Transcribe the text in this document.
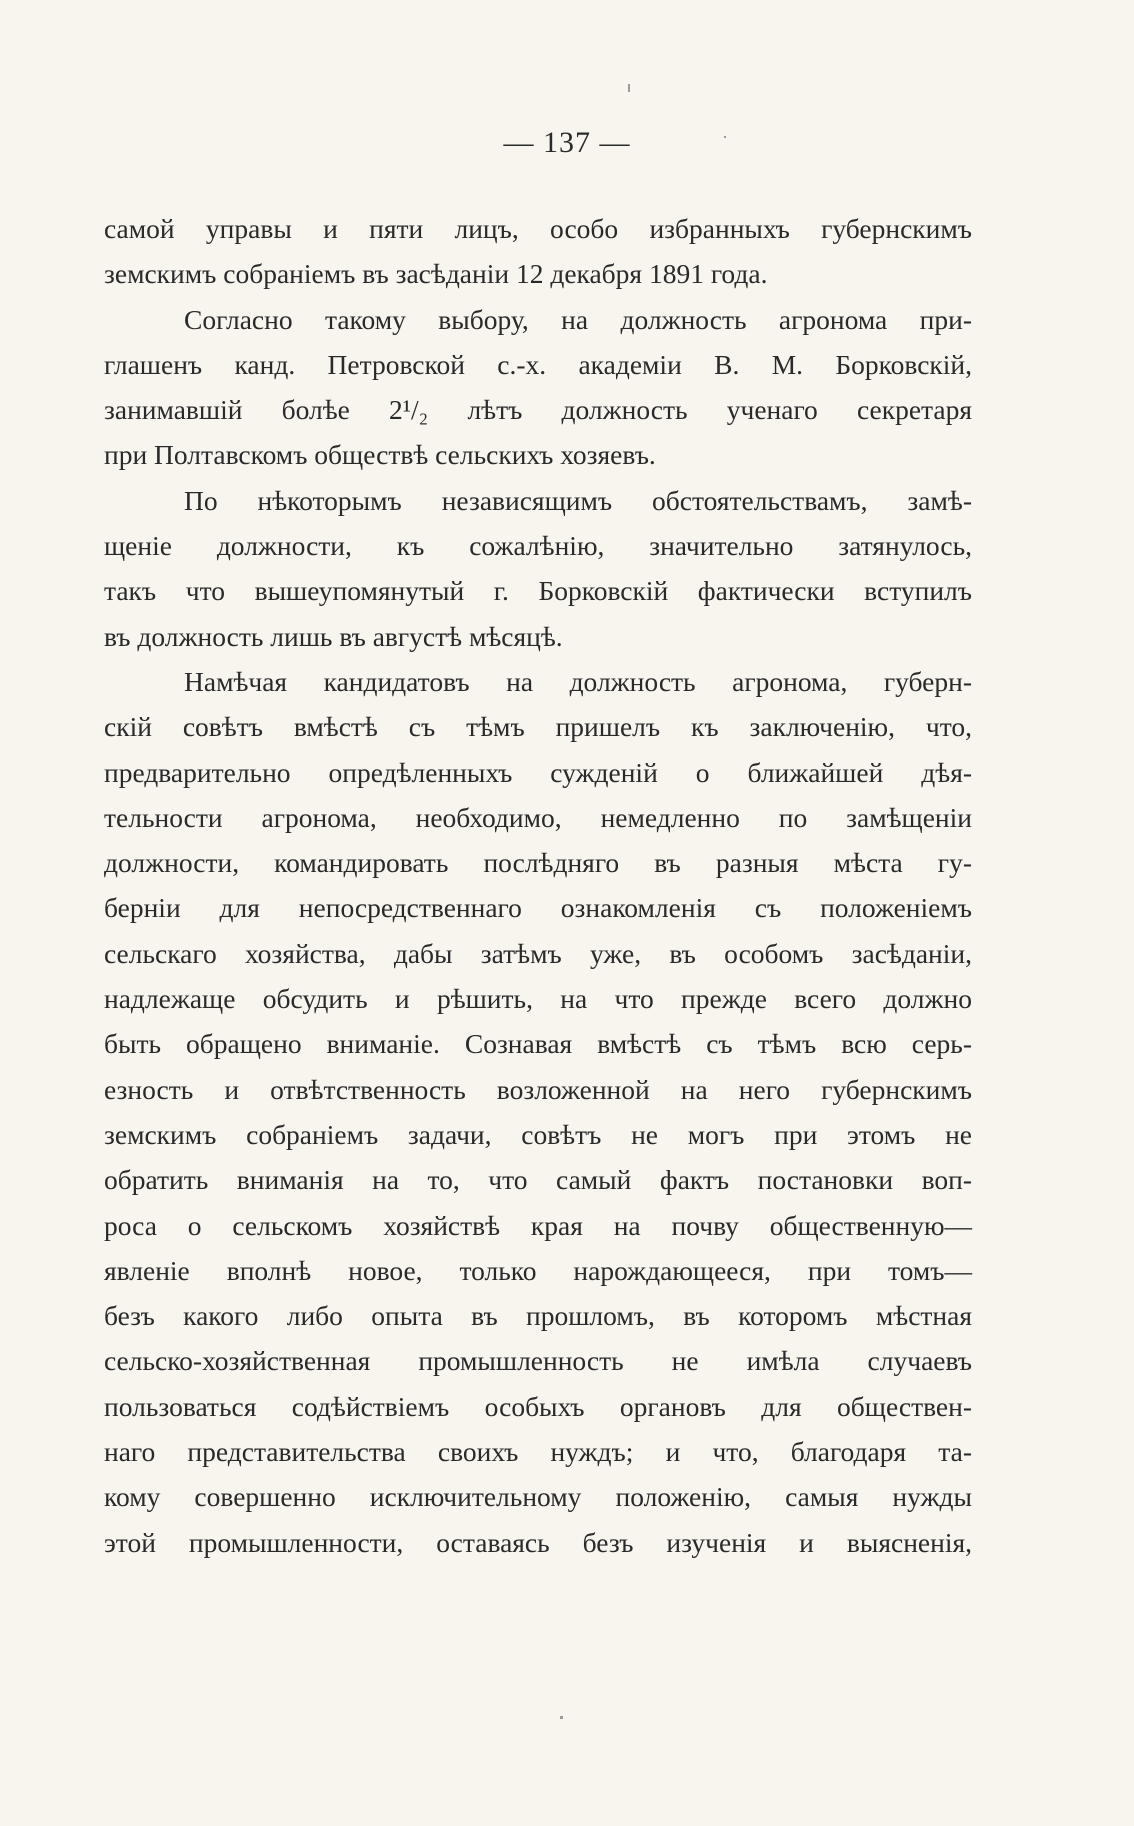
— 137 —
самой управы и пяти лицъ, особо избранныхъ губернскимъ
земскимъ собраніемъ въ засѣданіи 12 декабря 1891 года.
Согласно такому выбору, на должность агронома при-
глашенъ канд. Петровской с.-х. академіи В. М. Борковскій,
занимавшій болѣе 2¹/₂ лѣтъ должность ученаго секретаря
при Полтавскомъ обществѣ сельскихъ хозяевъ.
По нѣкоторымъ независящимъ обстоятельствамъ, замѣ-
щеніе должности, къ сожалѣнію, значительно затянулось,
такъ что вышеупомянутый г. Борковскій фактически вступилъ
въ должность лишь въ августѣ мѣсяцѣ.
Намѣчая кандидатовъ на должность агронома, губерн-
скій совѣтъ вмѣстѣ съ тѣмъ пришелъ къ заключенію, что,
предварительно опредѣленныхъ сужденій о ближайшей дѣя-
тельности агронома, необходимо, немедленно по замѣщеніи
должности, командировать послѣдняго въ разныя мѣста гу-
берніи для непосредственнаго ознакомленія съ положеніемъ
сельскаго хозяйства, дабы затѣмъ уже, въ особомъ засѣданіи,
надлежаще обсудить и рѣшить, на что прежде всего должно
быть обращено вниманіе. Сознавая вмѣстѣ съ тѣмъ всю серь-
езность и отвѣтственность возложенной на него губернскимъ
земскимъ собраніемъ задачи, совѣтъ не могъ при этомъ не
обратить вниманія на то, что самый фактъ постановки воп-
роса о сельскомъ хозяйствѣ края на почву общественную—
явленіе вполнѣ новое, только нарождающееся, при томъ—
безъ какого либо опыта въ прошломъ, въ которомъ мѣстная
сельско-хозяйственная промышленность не имѣла случаевъ
пользоваться содѣйствіемъ особыхъ органовъ для обществен-
наго представительства своихъ нуждъ; и что, благодаря та-
кому совершенно исключительному положенію, самыя нужды
этой промышленности, оставаясь безъ изученія и выясненія,
